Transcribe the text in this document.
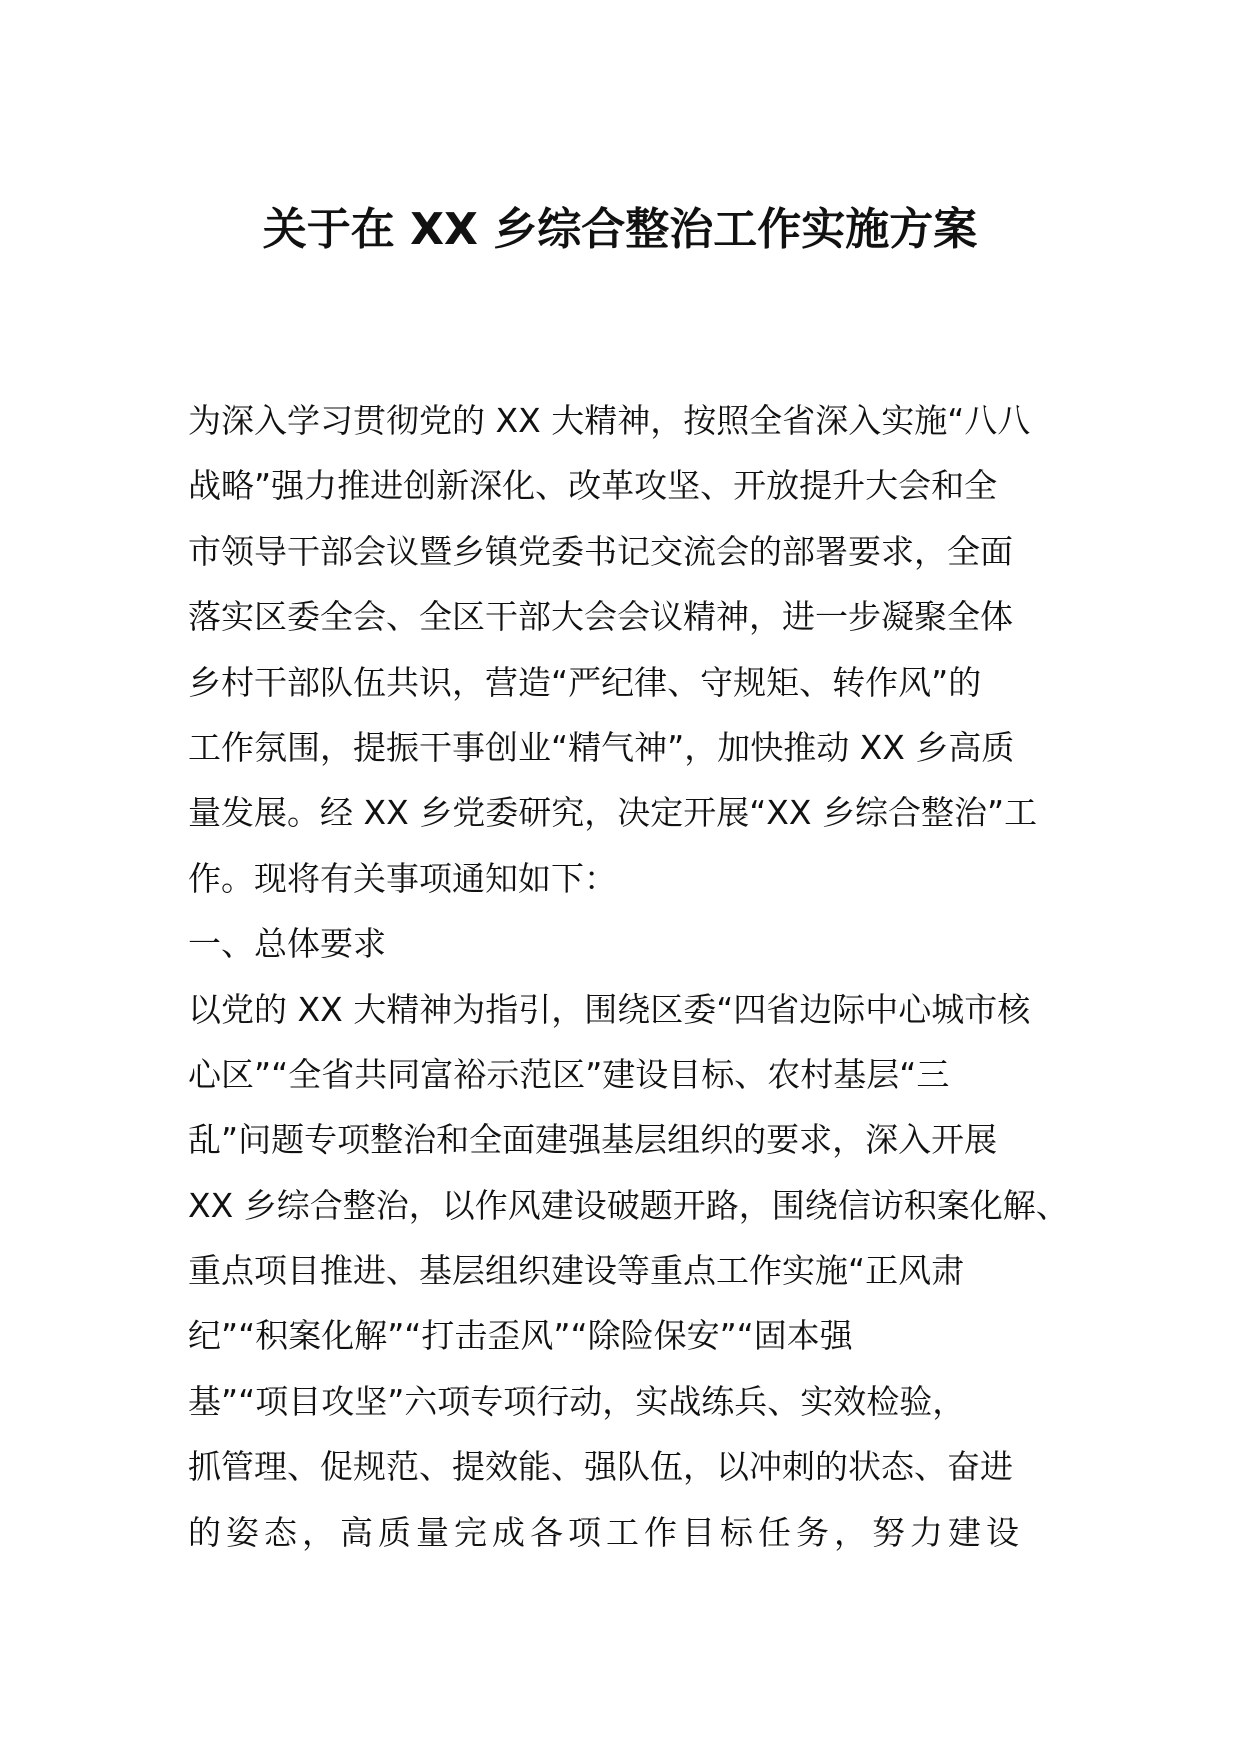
关于在 XX 乡综合整治工作实施方案
为深入学习贯彻党的 XX 大精神，按照全省深入实施“八八
战略”强力推进创新深化、改革攻坚、开放提升大会和全
市领导干部会议暨乡镇党委书记交流会的部署要求，全面
落实区委全会、全区干部大会会议精神，进一步凝聚全体
乡村干部队伍共识，营造“严纪律、守规矩、转作风”的
工作氛围，提振干事创业“精气神”，加快推动 XX 乡高质
量发展。经 XX 乡党委研究，决定开展“XX 乡综合整治”工
作。现将有关事项通知如下：
一、总体要求
以党的 XX 大精神为指引，围绕区委“四省边际中心城市核
心区”“全省共同富裕示范区”建设目标、农村基层“三
乱”问题专项整治和全面建强基层组织的要求，深入开展
XX 乡综合整治，以作风建设破题开路，围绕信访积案化解、
重点项目推进、基层组织建设等重点工作实施“正风肃
纪”“积案化解”“打击歪风”“除险保安”“固本强
基”“项目攻坚”六项专项行动，实战练兵、实效检验，
抓管理、促规范、提效能、强队伍，以冲刺的状态、奋进
的姿态，高质量完成各项工作目标任务，努力建设
